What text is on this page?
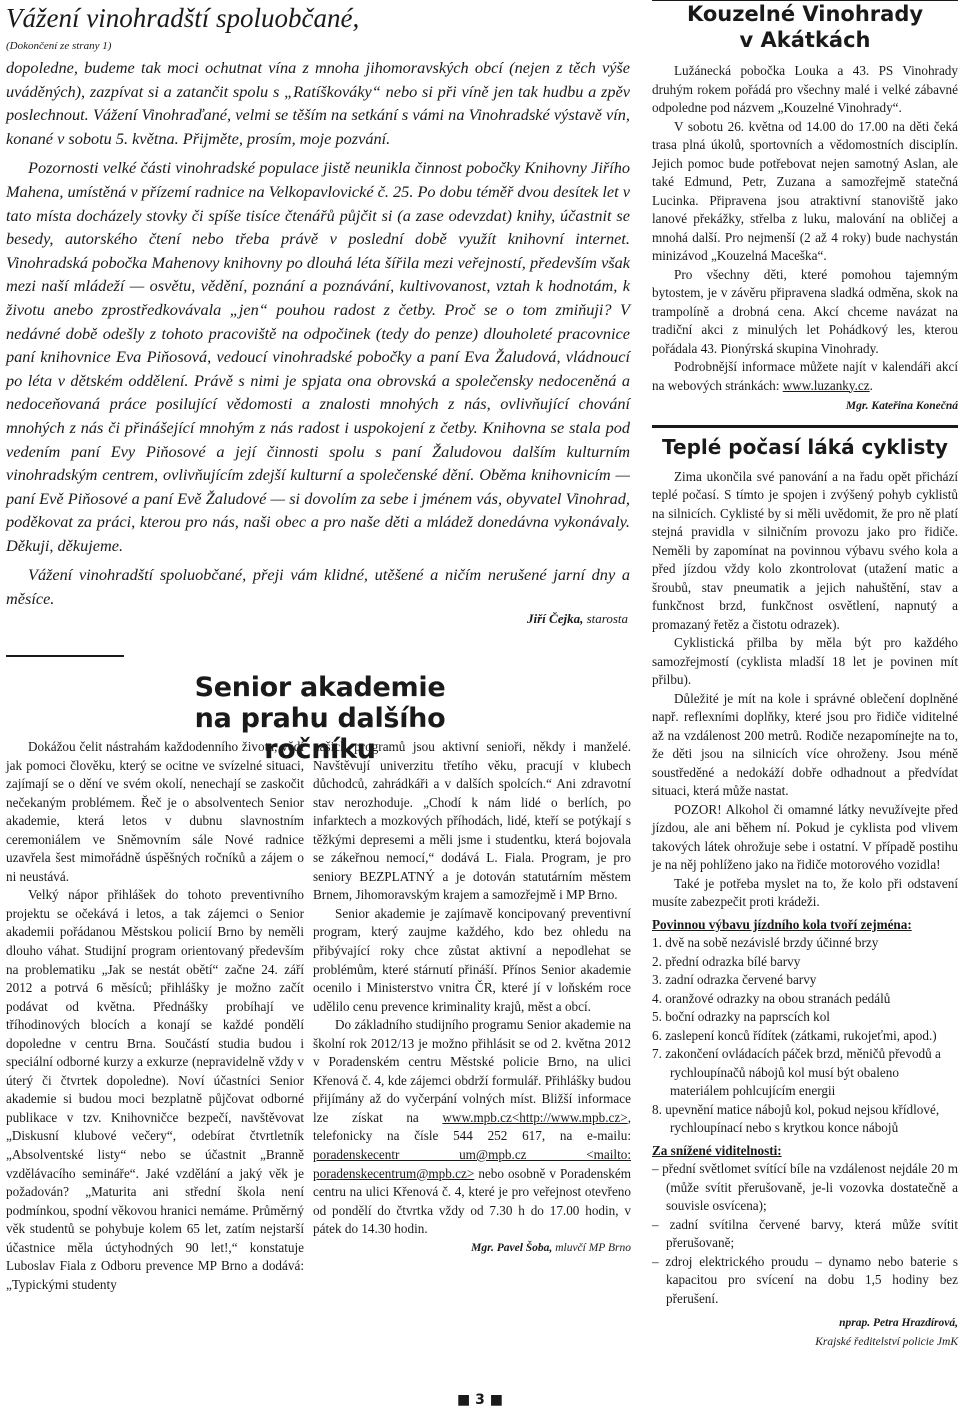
Vážení vinohradští spoluobčané,
(Dokončení ze strany 1)

dopoledne, budeme tak moci ochutnat vína z mnoha jihomoravských obcí (nejen z těch výše uváděných), zazpívat si a zatančit spolu s „Ratíškováky“ nebo si při víně jen tak hudbu a zpěv poslechnout. Vážení Vinohraďané, velmi se těším na setkání s vámi na Vinohradské výstavě vín, konané v sobotu 5. května. Přijměte, prosím, moje pozvání.

Pozornosti velké části vinohradské populace jistě neunikla činnost pobočky Knihovny Jiřího Mahena, umístěná v přízemí radnice na Velkopavlovické č. 25. Po dobu téměř dvou desítek let v tato místa docházely stovky či spíše tisíce čtenářů půjčit si (a zase odevzdat) knihy, účastnit se besedy, autorského čtení nebo třeba právě v poslední době využít knihovní internet. Vinohradská pobočka Mahenovy knihovny po dlouhá léta šířila mezi veřejností, především však mezi naší mládeží — osvětu, vědění, poznání a poznávání, kultivovanost, vztah k hodnotám, k životu anebo zprostředkovávala „jen“ pouhou radost z četby. Proč se o tom zmiňuji? V nedávné době odešly z tohoto pracoviště na odpočinek (tedy do penze) dlouholeté pracovnice paní knihovnice Eva Piňosová, vedoucí vinohradské pobočky a paní Eva Žaludová, vládnoucí po léta v dětském oddělení. Právě s nimi je spjata ona obrovská a společensky nedoceněná a nedoceňovaná práce posilující vědomosti a znalosti mnohých z nás, ovlivňující chování mnohých z nás či přinášející mnohým z nás radost i uspokojení z četby. Knihovna se stala pod vedením paní Evy Piňosové a její činnosti spolu s paní Žaludovou dalším kulturním vinohradským centrem, ovlivňujícím zdejší kulturní a společenské dění. Oběma knihovnicím — paní Evě Piňosové a paní Evě Žaludové — si dovolím za sebe i jménem vás, obyvatel Vinohrad, poděkovat za práci, kterou pro nás, naši obec a pro naše děti a mládež donedávna vykonávaly. Děkuji, děkujeme.

Vážení vinohradští spoluobčané, přeji vám klidné, utěšené a ničím nerušené jarní dny a měsíce.

Jiří Čejka, starosta
Senior akademie
na prahu dalšího ročníku

Dokážou čelit nástrahám každodenního života, vědí jak pomoci člověku, který se ocitne ve svízelné situaci, zajímají se o dění ve svém okolí, nenechají se zaskočit nečekaným problémem. Řeč je o absolventech Senior akademie, která letos v dubnu slavnostním ceremoniálem ve Sněmovním sále Nové radnice uzavřela šest mimořádně úspěšných ročníků a zájem o ni neustává.

Velký nápor přihlášek do tohoto preventivního projektu se očekává i letos, a tak zájemci o Senior akademii pořádanou Městskou policií Brno by neměli dlouho váhat. Studijní program orientovaný především na problematiku „Jak se nestát obětí“ začne 24. září 2012 a potrvá 6 měsíců; přihlášky je možno začít podávat od května. Přednášky probíhají ve tříhodinových blocích a konají se každé pondělí dopoledne v centru Brna. Součástí studia budou i speciální odborné kurzy a exkurze (nepravidelně vždy v úterý či čtvrtek dopoledne). Noví účastníci Senior akademie si budou moci bezplatně půjčovat odborné publikace v tzv. Knihovničce bezpečí, navštěvovat „Diskusní klubové večery“, odebírat čtvrtletník „Absolventské listy“ nebo se účastnit „Branně vzdělávacího semináře“. Jaké vzdělání a jaký věk je požadován? „Maturita ani střední škola není podmínkou, spodní věkovou hranici nemáme. Průměrný věk studentů se pohybuje kolem 65 let, zatím nejstarší účastnice měla úctyhodných 90 let!,“ konstatuje Luboslav Fiala z Odboru prevence MP Brno a dodává: „Typickými studenty

našich programů jsou aktivní senioři, někdy i manželé. Navštěvují univerzitu třetího věku, pracují v klubech důchodců, zahrádkáři a v dalších spolcích.“ Ani zdravotní stav nerozhoduje. „Chodí k nám lidé o berlích, po infarktech a mozkových příhodách, lidé, kteří se potýkají s těžkými depresemi a měli jsme i studentku, která bojovala se zákeřnou nemocí,“ dodává L. Fiala. Program, je pro seniory BEZPLATNÝ a je dotován statutárním městem Brnem, Jihomoravským krajem a samozřejmě i MP Brno.

Senior akademie je zajímavě koncipovaný preventivní program, který zaujme každého, kdo bez ohledu na přibývající roky chce zůstat aktivní a nepodlehat se problémům, které stárnutí přináší. Přínos Senior akademie ocenilo i Ministerstvo vnitra ČR, které jí v loňském roce udělilo cenu prevence kriminality krajů, měst a obcí.

Do základního studijního programu Senior akademie na školní rok 2012/13 je možno přihlásit se od 2. května 2012 v Poradenském centru Městské policie Brno, na ulici Křenová č. 4, kde zájemci obdrží formulář. Přihlášky budou přijímány až do vyčerpání volných míst. Bližší informace lze získat na www.mpb.cz<http://www.mpb.cz>, telefonicky na čísle 544 252 617, na e-mailu: poradenskecentr um@mpb.cz <mailto: poradenskecentrum@mpb.cz> nebo osobně v Poradenském centru na ulici Křenová č. 4, které je pro veřejnost otevřeno od pondělí do čtvrtka vždy od 7.30 h do 17.00 hodin, v pátek do 14.30 hodin.

Mgr. Pavel Šoba, mluvčí MP Brno

Kouzelné Vinohrady
v Akátkách

Lužánecká pobočka Louka a 43. PS Vinohrady druhým rokem pořádá pro všechny malé i velké zábavné odpoledne pod názvem „Kouzelné Vinohrady“.

V sobotu 26. května od 14.00 do 17.00 na děti čeká trasa plná úkolů, sportovních a vědomostních disciplín. Jejich pomoc bude potřebovat nejen samotný Aslan, ale také Edmund, Petr, Zuzana a samozřejmě statečná Lucinka. Připravena jsou atraktivní stanoviště jako lanové překážky, střelba z luku, malování na obličej a mnohá další. Pro nejmenší (2 až 4 roky) bude nachystán minizávod „Kouzelná Maceška“.

Pro všechny děti, které pomohou tajemným bytostem, je v závěru připravena sladká odměna, skok na trampolíně a drobná cena. Akcí chceme navázat na tradiční akci z minulých let Pohádkový les, kterou pořádala 43. Pionýrská skupina Vinohrady.

Podrobnější informace můžete najít v kalendáři akcí na webových stránkách: www.luzanky.cz.

Mgr. Kateřina Konečná

Teplé počasí láká cyklisty

Zima ukončila své panování a na řadu opět přichází teplé počasí. S tímto je spojen i zvýšený pohyb cyklistů na silnicích. Cyklisté by si měli uvědomit, že pro ně platí stejná pravidla v silničním provozu jako pro řidiče. Neměli by zapomínat na povinnou výbavu svého kola a před jízdou vždy kolo zkontrolovat (utažení matic a šroubů, stav pneumatik a jejich nahuštění, stav a funkčnost brzd, funkčnost osvětlení, napnutý a promazaný řetěz a čistotu odrazek).

Cyklistická přilba by měla být pro každého samozřejmostí (cyklista mladší 18 let je povinen mít přilbu).

Důležité je mít na kole i správné oblečení doplněné např. reflexními doplňky, které jsou pro řidiče viditelné až na vzdálenost 200 metrů. Rodiče nezapomínejte na to, že děti jsou na silnicích více ohroženy. Jsou méně soustředěné a nedokáží dobře odhadnout a předvídat situaci, která může nastat.

POZOR! Alkohol či omamné látky nevužívejte před jízdou, ale ani během ní. Pokud je cyklista pod vlivem takových látek ohrožuje sebe i ostatní. V případě postihu je na něj pohlíženo jako na řidiče motorového vozidla!

Také je potřeba myslet na to, že kolo při odstavení musíte zabezpečit proti krádeži.

Povinnou výbavu jízdního kola tvoří zejména:

1. dvě na sobě nezávislé brzdy účinné brzy
2. přední odrazka bílé barvy
3. zadní odrazka červené barvy
4. oranžové odrazky na obou stranách pedálů
5. boční odrazky na paprscích kol
6. zaslepení konců řídítek (zátkami, rukojeťmi, apod.)
7. zakončení ovládacích páček brzd, měničů převodů a rychloupínačů nábojů kol musí být obaleno materiálem pohlcujícím energii
8. upevnění matice nábojů kol, pokud nejsou křídlové, rychloupínací nebo s krytkou konce nábojů

Za snížené viditelnosti:

– přední světlomet svítící bíle na vzdálenost nejdále 20 m (může svítit přerušovaně, je-li vozovka dostatečně a souvisle osvícena);
– zadní svítilna červené barvy, která může svítit přerušovaně;
– zdroj elektrického proudu – dynamo nebo baterie s kapacitou pro svícení na dobu 1,5 hodiny bez přerušení.

nprap. Petra Hrazdírová,

Krajské ředitelství policie JmK

■ 3 ■
